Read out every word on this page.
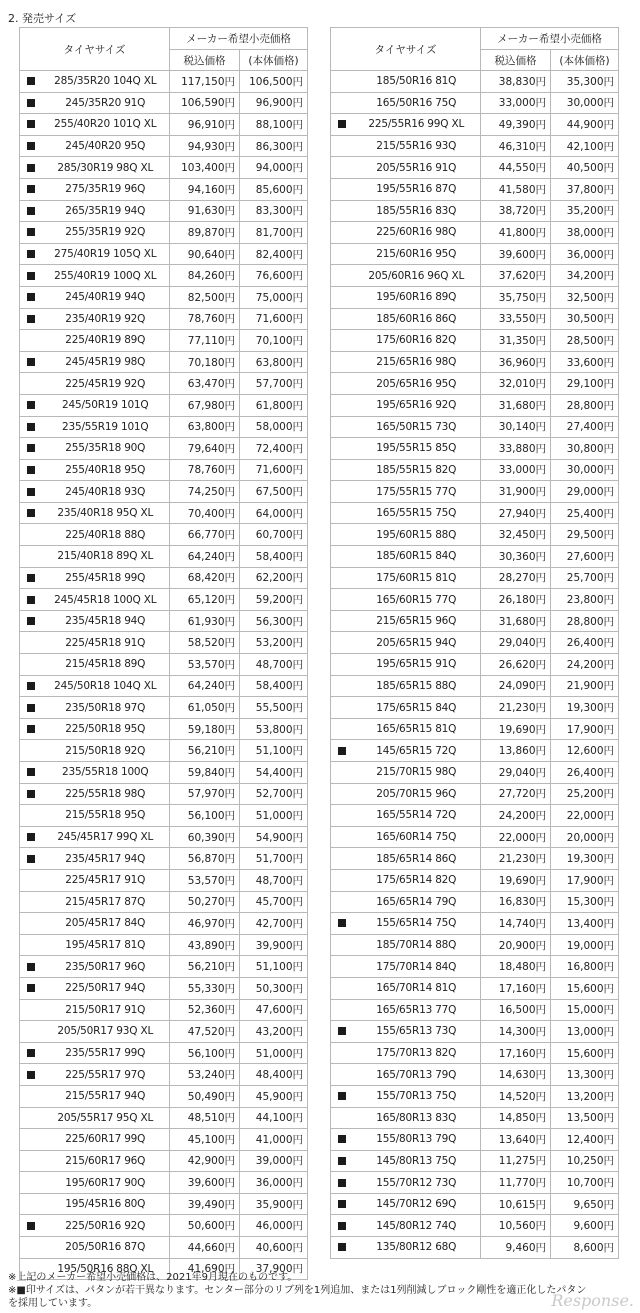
2. 発売サイズ
タイヤサイズ		メーカー希望小売価格	
		税込価格	(本体価格)
	285/35R20 104Q XL	117,150円	106,500円
	245/35R20 91Q	106,590円	96,900円
	255/40R20 101Q XL	96,910円	88,100円
	245/40R20 95Q	94,930円	86,300円
	285/30R19 98Q XL	103,400円	94,000円
	275/35R19 96Q	94,160円	85,600円
	265/35R19 94Q	91,630円	83,300円
	255/35R19 92Q	89,870円	81,700円
	275/40R19 105Q XL	90,640円	82,400円
	255/40R19 100Q XL	84,260円	76,600円
	245/40R19 94Q	82,500円	75,000円
	235/40R19 92Q	78,760円	71,600円
	225/40R19 89Q	77,110円	70,100円
	245/45R19 98Q	70,180円	63,800円
	225/45R19 92Q	63,470円	57,700円
	245/50R19 101Q	67,980円	61,800円
	235/55R19 101Q	63,800円	58,000円
	255/35R18 90Q	79,640円	72,400円
	255/40R18 95Q	78,760円	71,600円
	245/40R18 93Q	74,250円	67,500円
	235/40R18 95Q XL	70,400円	64,000円
	225/40R18 88Q	66,770円	60,700円
	215/40R18 89Q XL	64,240円	58,400円
	255/45R18 99Q	68,420円	62,200円
	245/45R18 100Q XL	65,120円	59,200円
	235/45R18 94Q	61,930円	56,300円
	225/45R18 91Q	58,520円	53,200円
	215/45R18 89Q	53,570円	48,700円
	245/50R18 104Q XL	64,240円	58,400円
	235/50R18 97Q	61,050円	55,500円
	225/50R18 95Q	59,180円	53,800円
	215/50R18 92Q	56,210円	51,100円
	235/55R18 100Q	59,840円	54,400円
	225/55R18 98Q	57,970円	52,700円
	215/55R18 95Q	56,100円	51,000円
	245/45R17 99Q XL	60,390円	54,900円
	235/45R17 94Q	56,870円	51,700円
	225/45R17 91Q	53,570円	48,700円
	215/45R17 87Q	50,270円	45,700円
	205/45R17 84Q	46,970円	42,700円
	195/45R17 81Q	43,890円	39,900円
	235/50R17 96Q	56,210円	51,100円
	225/50R17 94Q	55,330円	50,300円
	215/50R17 91Q	52,360円	47,600円
	205/50R17 93Q XL	47,520円	43,200円
	235/55R17 99Q	56,100円	51,000円
	225/55R17 97Q	53,240円	48,400円
	215/55R17 94Q	50,490円	45,900円
	205/55R17 95Q XL	48,510円	44,100円
	225/60R17 99Q	45,100円	41,000円
	215/60R17 96Q	42,900円	39,000円
	195/60R17 90Q	39,600円	36,000円
	195/45R16 80Q	39,490円	35,900円
	225/50R16 92Q	50,600円	46,000円
	205/50R16 87Q	44,660円	40,600円
	195/50R16 88Q XL	41,690円	37,900円
タイヤサイズ		メーカー希望小売価格	
		税込価格	(本体価格)
	185/50R16 81Q	38,830円	35,300円
	165/50R16 75Q	33,000円	30,000円
	225/55R16 99Q XL	49,390円	44,900円
	215/55R16 93Q	46,310円	42,100円
	205/55R16 91Q	44,550円	40,500円
	195/55R16 87Q	41,580円	37,800円
	185/55R16 83Q	38,720円	35,200円
	225/60R16 98Q	41,800円	38,000円
	215/60R16 95Q	39,600円	36,000円
	205/60R16 96Q XL	37,620円	34,200円
	195/60R16 89Q	35,750円	32,500円
	185/60R16 86Q	33,550円	30,500円
	175/60R16 82Q	31,350円	28,500円
	215/65R16 98Q	36,960円	33,600円
	205/65R16 95Q	32,010円	29,100円
	195/65R16 92Q	31,680円	28,800円
	165/50R15 73Q	30,140円	27,400円
	195/55R15 85Q	33,880円	30,800円
	185/55R15 82Q	33,000円	30,000円
	175/55R15 77Q	31,900円	29,000円
	165/55R15 75Q	27,940円	25,400円
	195/60R15 88Q	32,450円	29,500円
	185/60R15 84Q	30,360円	27,600円
	175/60R15 81Q	28,270円	25,700円
	165/60R15 77Q	26,180円	23,800円
	215/65R15 96Q	31,680円	28,800円
	205/65R15 94Q	29,040円	26,400円
	195/65R15 91Q	26,620円	24,200円
	185/65R15 88Q	24,090円	21,900円
	175/65R15 84Q	21,230円	19,300円
	165/65R15 81Q	19,690円	17,900円
	145/65R15 72Q	13,860円	12,600円
	215/70R15 98Q	29,040円	26,400円
	205/70R15 96Q	27,720円	25,200円
	165/55R14 72Q	24,200円	22,000円
	165/60R14 75Q	22,000円	20,000円
	185/65R14 86Q	21,230円	19,300円
	175/65R14 82Q	19,690円	17,900円
	165/65R14 79Q	16,830円	15,300円
	155/65R14 75Q	14,740円	13,400円
	185/70R14 88Q	20,900円	19,000円
	175/70R14 84Q	18,480円	16,800円
	165/70R14 81Q	17,160円	15,600円
	165/65R13 77Q	16,500円	15,000円
	155/65R13 73Q	14,300円	13,000円
	175/70R13 82Q	17,160円	15,600円
	165/70R13 79Q	14,630円	13,300円
	155/70R13 75Q	14,520円	13,200円
	165/80R13 83Q	14,850円	13,500円
	155/80R13 79Q	13,640円	12,400円
	145/80R13 75Q	11,275円	10,250円
	155/70R12 73Q	11,770円	10,700円
	145/70R12 69Q	10,615円	9,650円
	145/80R12 74Q	10,560円	9,600円
	135/80R12 68Q	9,460円	8,600円
※上記のメーカー希望小売価格は、2021年9月現在のものです。
※■印サイズは、パタンが若干異なります。センター部分のリブ列を1列追加、または1列削減しブロック剛性を適正化したパタン
を採用しています。	Response.
